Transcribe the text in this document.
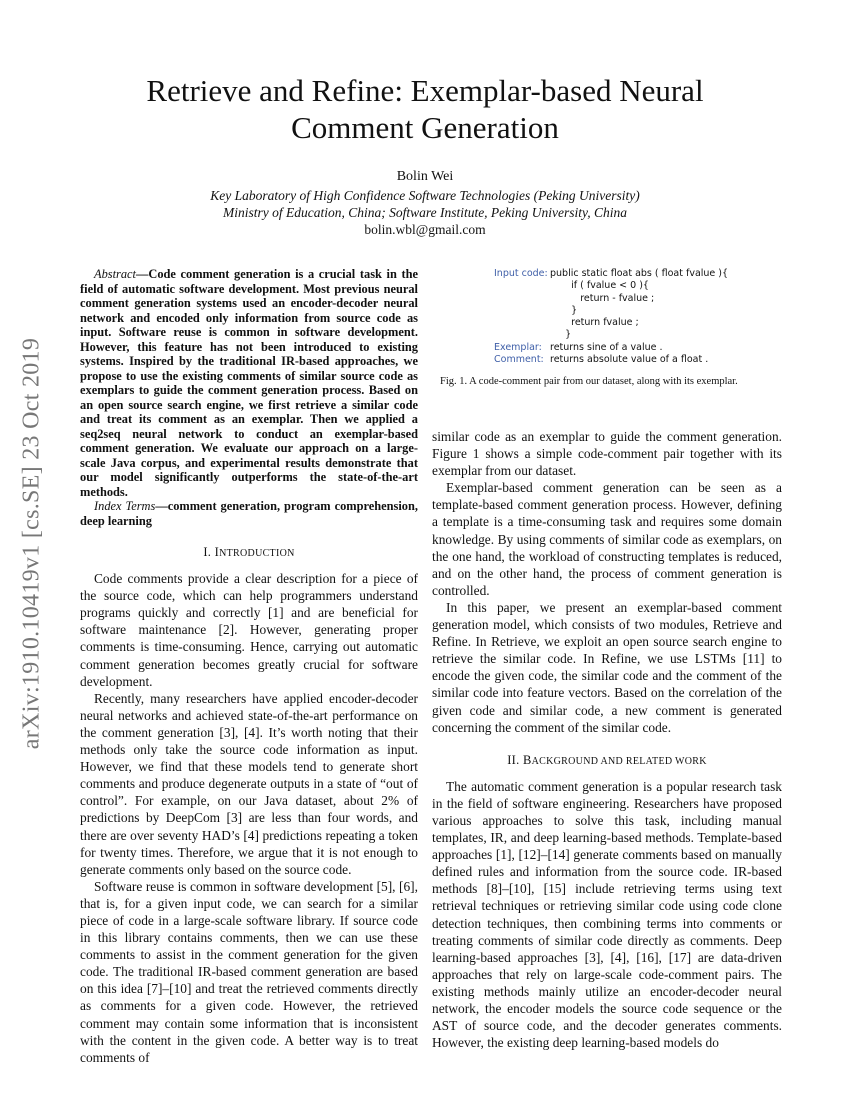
Retrieve and Refine: Exemplar-based Neural
Comment Generation
Bolin Wei
Key Laboratory of High Confidence Software Technologies (Peking University)
Ministry of Education, China; Software Institute, Peking University, China
bolin.wbl@gmail.com
arXiv:1910.10419v1 [cs.SE] 23 Oct 2019

Abstract—Code comment generation is a crucial task in the field of automatic software development. Most previous neural comment generation systems used an encoder-decoder neural network and encoded only information from source code as input. Software reuse is common in software development. However, this feature has not been introduced to existing systems. Inspired by the traditional IR-based approaches, we propose to use the existing comments of similar source code as exemplars to guide the comment generation process. Based on an open source search engine, we first retrieve a similar code and treat its comment as an exemplar. Then we applied a seq2seq neural network to conduct an exemplar-based comment generation. We evaluate our approach on a large-scale Java corpus, and experimental results demonstrate that our model significantly outperforms the state-of-the-art methods.

Index Terms—comment generation, program comprehension, deep learning

I. INTRODUCTION

Code comments provide a clear description for a piece of the source code, which can help programmers understand programs quickly and correctly [1] and are beneficial for software maintenance [2]. However, generating proper comments is time-consuming. Hence, carrying out automatic comment generation becomes greatly crucial for software development.

Recently, many researchers have applied encoder-decoder neural networks and achieved state-of-the-art performance on the comment generation [3], [4]. It’s worth noting that their methods only take the source code information as input. However, we find that these models tend to generate short comments and produce degenerate outputs in a state of “out of control”. For example, on our Java dataset, about 2% of predictions by DeepCom [3] are less than four words, and there are over seventy HAD’s [4] predictions repeating a token for twenty times. Therefore, we argue that it is not enough to generate comments only based on the source code.

Software reuse is common in software development [5], [6], that is, for a given input code, we can search for a similar piece of code in a large-scale software library. If source code in this library contains comments, then we can use these comments to assist in the comment generation for the given code. The traditional IR-based comment generation are based on this idea [7]–[10] and treat the retrieved comments directly as comments for a given code. However, the retrieved comment may contain some information that is inconsistent with the content in the given code. A better way is to treat comments of

Input code: public static float abs ( float fvalue ){
if ( fvalue < 0 ){
return - fvalue ;
}
return fvalue ;
}
Exemplar: returns sine of a value .
Comment: returns absolute value of a float .
Fig. 1. A code-comment pair from our dataset, along with its exemplar.

similar code as an exemplar to guide the comment generation. Figure 1 shows a simple code-comment pair together with its exemplar from our dataset.

Exemplar-based comment generation can be seen as a template-based comment generation process. However, defining a template is a time-consuming task and requires some domain knowledge. By using comments of similar code as exemplars, on the one hand, the workload of constructing templates is reduced, and on the other hand, the process of comment generation is controlled.

In this paper, we present an exemplar-based comment generation model, which consists of two modules, Retrieve and Refine. In Retrieve, we exploit an open source search engine to retrieve the similar code. In Refine, we use LSTMs [11] to encode the given code, the similar code and the comment of the similar code into feature vectors. Based on the correlation of the given code and similar code, a new comment is generated concerning the comment of the similar code.

II. BACKGROUND AND RELATED WORK

The automatic comment generation is a popular research task in the field of software engineering. Researchers have proposed various approaches to solve this task, including manual templates, IR, and deep learning-based methods. Template-based approaches [1], [12]–[14] generate comments based on manually defined rules and information from the source code. IR-based methods [8]–[10], [15] include retrieving terms using text retrieval techniques or retrieving similar code using code clone detection techniques, then combining terms into comments or treating comments of similar code directly as comments. Deep learning-based approaches [3], [4], [16], [17] are data-driven approaches that rely on large-scale code-comment pairs. The existing methods mainly utilize an encoder-decoder neural network, the encoder models the source code sequence or the AST of source code, and the decoder generates comments. However, the existing deep learning-based models do
